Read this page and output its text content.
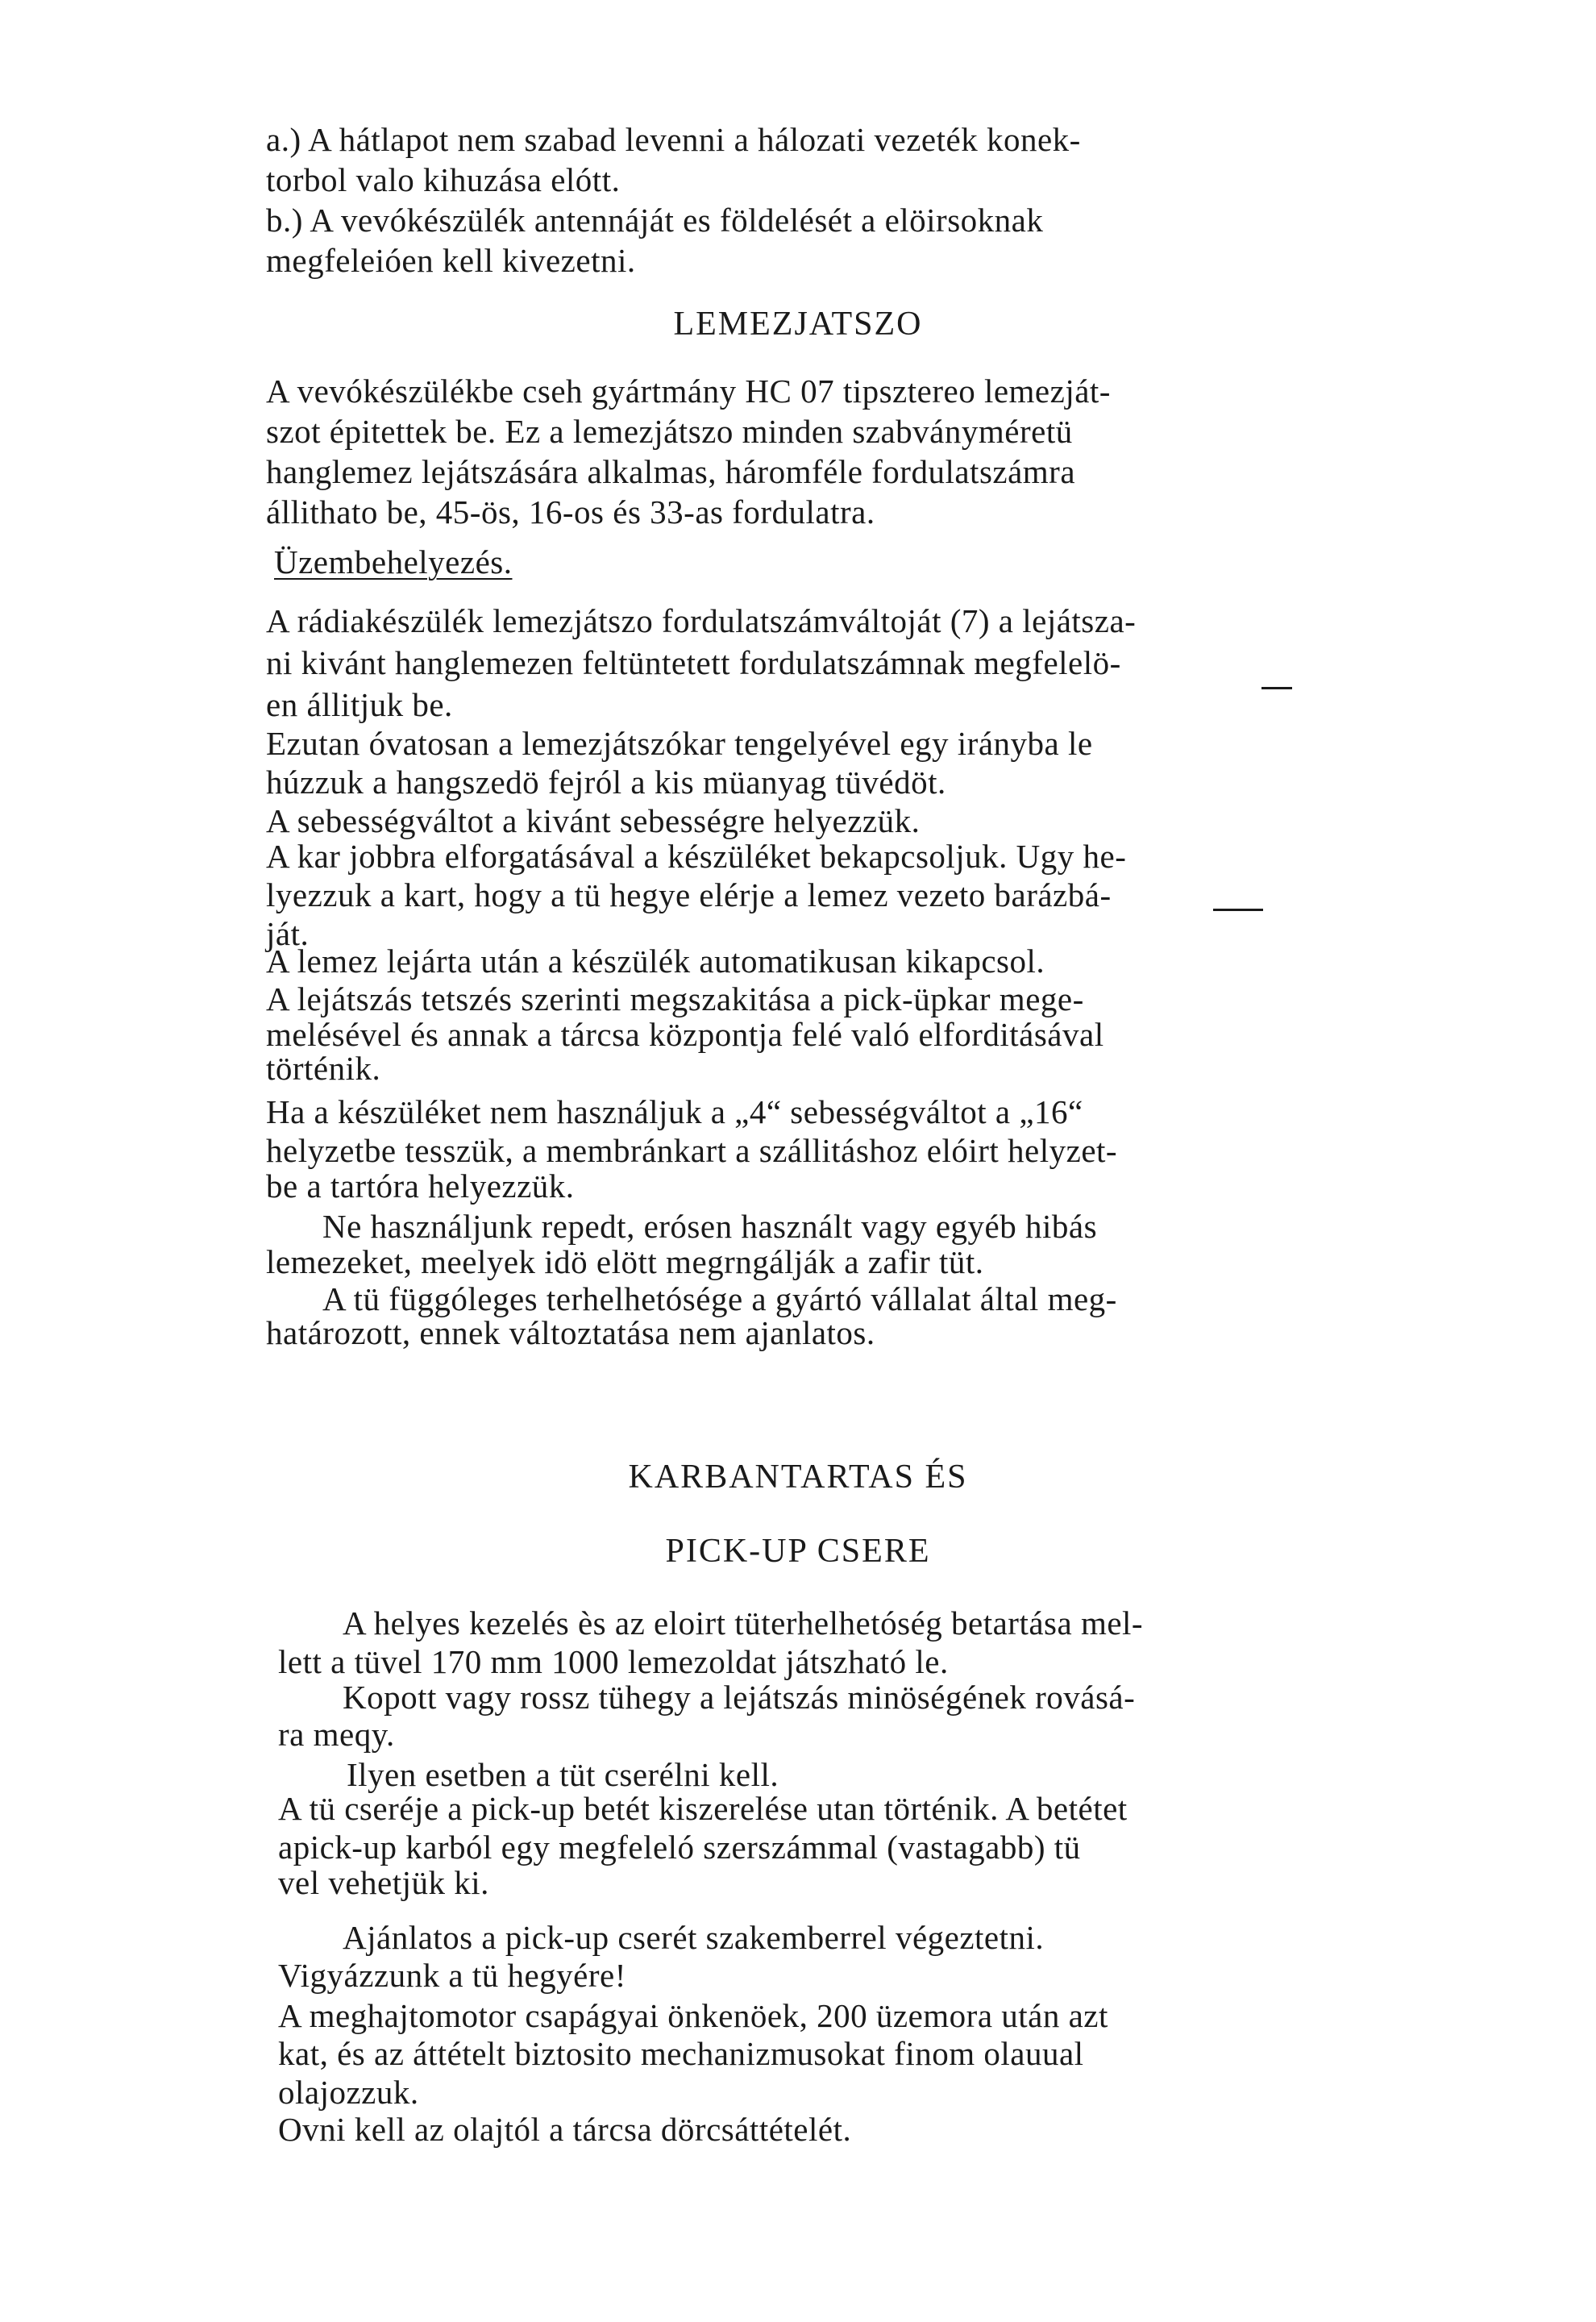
a.) A hátlapot nem szabad levenni a hálozati vezeték konek-
torbol valo kihuzása elótt.
b.) A vevókészülék antennáját es földelését a elöirsoknak
megfeleióen kell kivezetni.
LEMEZJATSZO
A vevókészülékbe cseh gyártmány HC 07 tipsztereo lemezját-
szot épitettek be. Ez a lemezjátszo minden szabványméretü
hanglemez lejátszására alkalmas, háromféle fordulatszámra
állithato be, 45-ös, 16-os és 33-as fordulatra.
Üzembehelyezés.
A rádiakészülék lemezjátszo fordulatszámváltoját (7) a lejátsza-
ni kivánt hanglemezen feltüntetett fordulatszámnak megfelelö-
en állitjuk be.
Ezutan óvatosan a lemezjátszókar tengelyével egy irányba le
húzzuk a hangszedö fejról a kis müanyag tüvédöt.
A sebességváltot a kivánt sebességre helyezzük.
A kar jobbra elforgatásával a készüléket bekapcsoljuk. Ugy he-
lyezzuk a kart, hogy a tü hegye elérje a lemez vezeto barázbá-
ját.
A lemez lejárta után a készülék automatikusan kikapcsol.
A lejátszás tetszés szerinti megszakitása a pick-üpkar mege-
melésével és annak a tárcsa központja felé való elforditásával
történik.
Ha a készüléket nem használjuk a „4“ sebességváltot a „16“
helyzetbe tesszük, a membránkart a szállitáshoz elóirt helyzet-
be a tartóra helyezzük.
Ne használjunk repedt, erósen használt vagy egyéb hibás
lemezeket, meelyek idö elött megrngálják a zafir tüt.
A tü függóleges terhelhetósége a gyártó vállalat által meg-
határozott, ennek változtatása nem ajanlatos.
KARBANTARTAS ÉS
PICK-UP CSERE
A helyes kezelés ès az eloirt tüterhelhetóség betartása mel-
lett a tüvel 170 mm 1000 lemezoldat játszható le.
Kopott vagy rossz tühegy a lejátszás minöségének rovásá-
ra meqy.
Ilyen esetben a tüt cserélni kell.
A tü cseréje a pick-up betét kiszerelése utan történik. A betétet
apick-up karból egy megfeleló szerszámmal (vastagabb) tü
vel vehetjük ki.
Ajánlatos a pick-up cserét szakemberrel végeztetni.
Vigyázzunk a tü hegyére!
A meghajtomotor csapágyai önkenöek, 200 üzemora után azt
kat, és az áttételt biztosito mechanizmusokat finom olauual
olajozzuk.
Ovni kell az olajtól a tárcsa dörcsáttételét.
